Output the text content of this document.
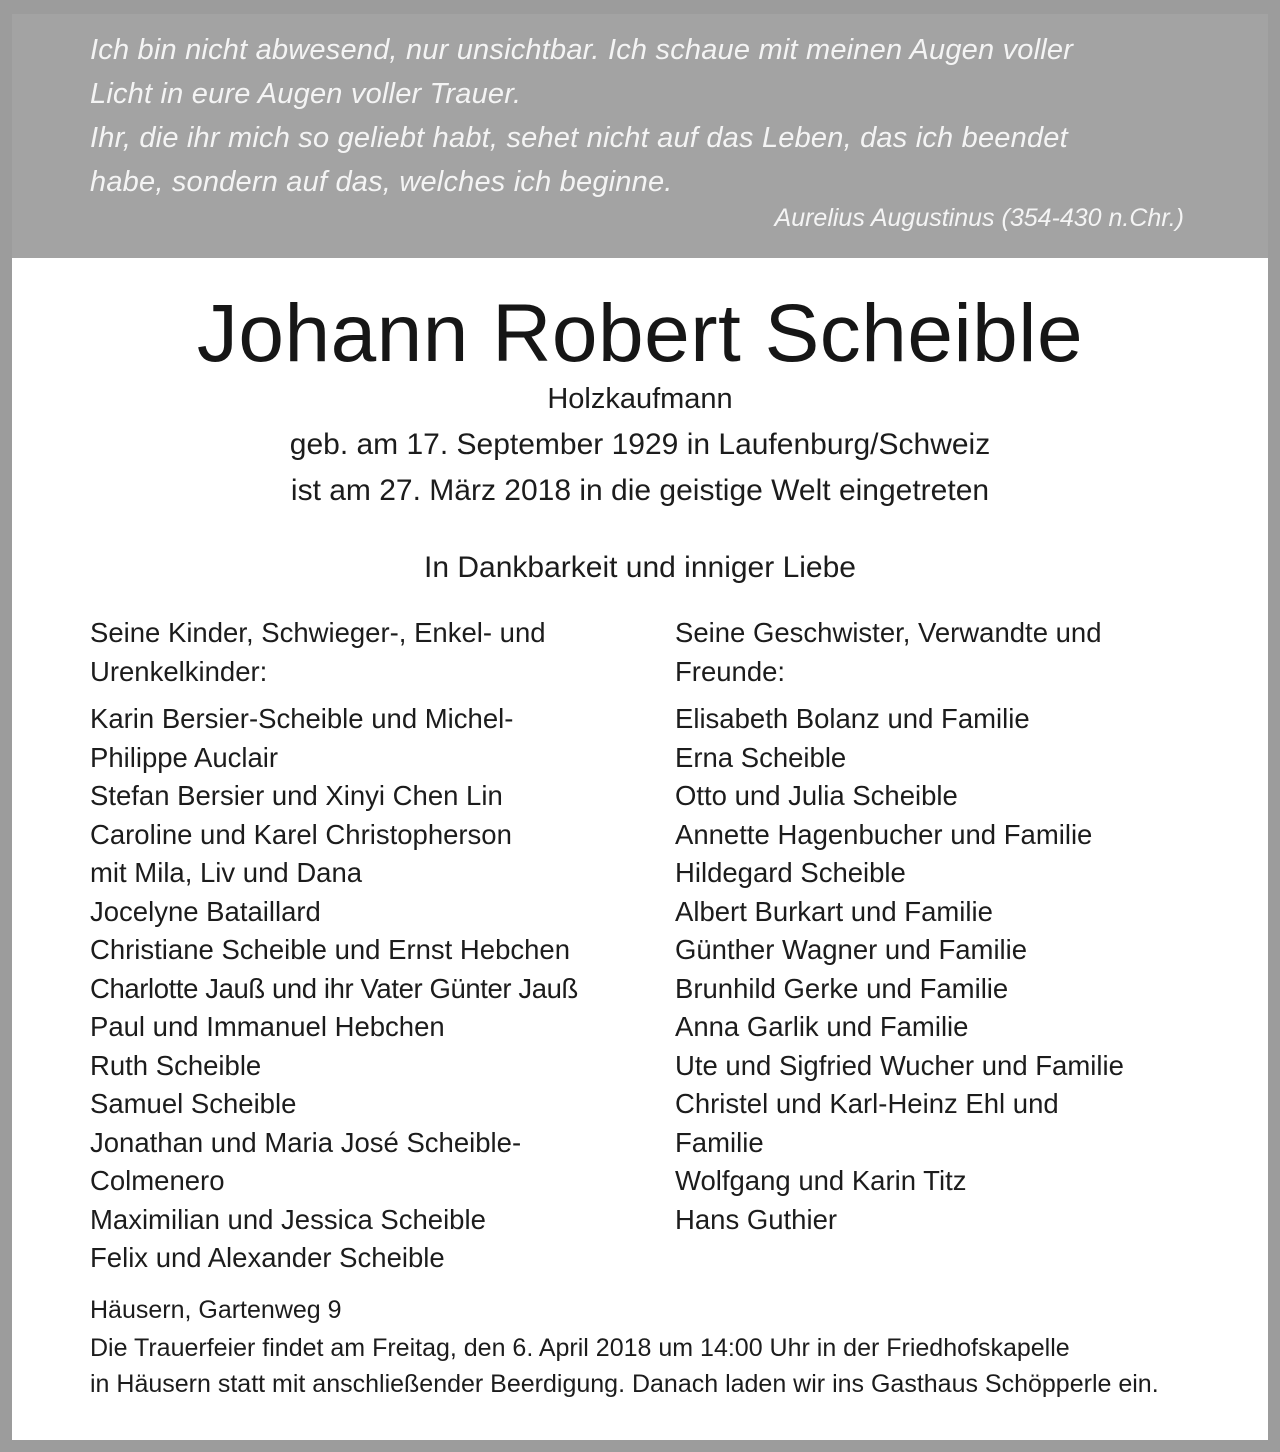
Ich bin nicht abwesend, nur unsichtbar. Ich schaue mit meinen Augen voller
Licht in eure Augen voller Trauer.
Ihr, die ihr mich so geliebt habt, sehet nicht auf das Leben, das ich beendet
habe, sondern auf das, welches ich beginne.
Aurelius Augustinus (354-430 n.Chr.)
Johann Robert Scheible
Holzkaufmann
geb. am 17. September 1929 in Laufenburg/Schweiz
ist am 27. März 2018 in die geistige Welt eingetreten
In Dankbarkeit und inniger Liebe
Seine Kinder, Schwieger-, Enkel- und
Urenkelkinder:
Karin Bersier-Scheible und Michel-
Philippe Auclair
Stefan Bersier und Xinyi Chen Lin
Caroline und Karel Christopherson
mit Mila, Liv und Dana
Jocelyne Bataillard
Christiane Scheible und Ernst Hebchen
Charlotte Jauß und ihr Vater Günter Jauß
Paul und Immanuel Hebchen
Ruth Scheible
Samuel Scheible
Jonathan und Maria José Scheible-
Colmenero
Maximilian und Jessica Scheible
Felix und Alexander Scheible
Seine Geschwister, Verwandte und
Freunde:
Elisabeth Bolanz und Familie
Erna Scheible
Otto und Julia Scheible
Annette Hagenbucher und Familie
Hildegard Scheible
Albert Burkart und Familie
Günther Wagner und Familie
Brunhild Gerke und Familie
Anna Garlik und Familie
Ute und Sigfried Wucher und Familie
Christel und Karl-Heinz Ehl und
Familie
Wolfgang und Karin Titz
Hans Guthier
Häusern, Gartenweg 9
Die Trauerfeier findet am Freitag, den 6. April 2018 um 14:00 Uhr in der Friedhofskapelle
in Häusern statt mit anschließender Beerdigung. Danach laden wir ins Gasthaus Schöpperle ein.
